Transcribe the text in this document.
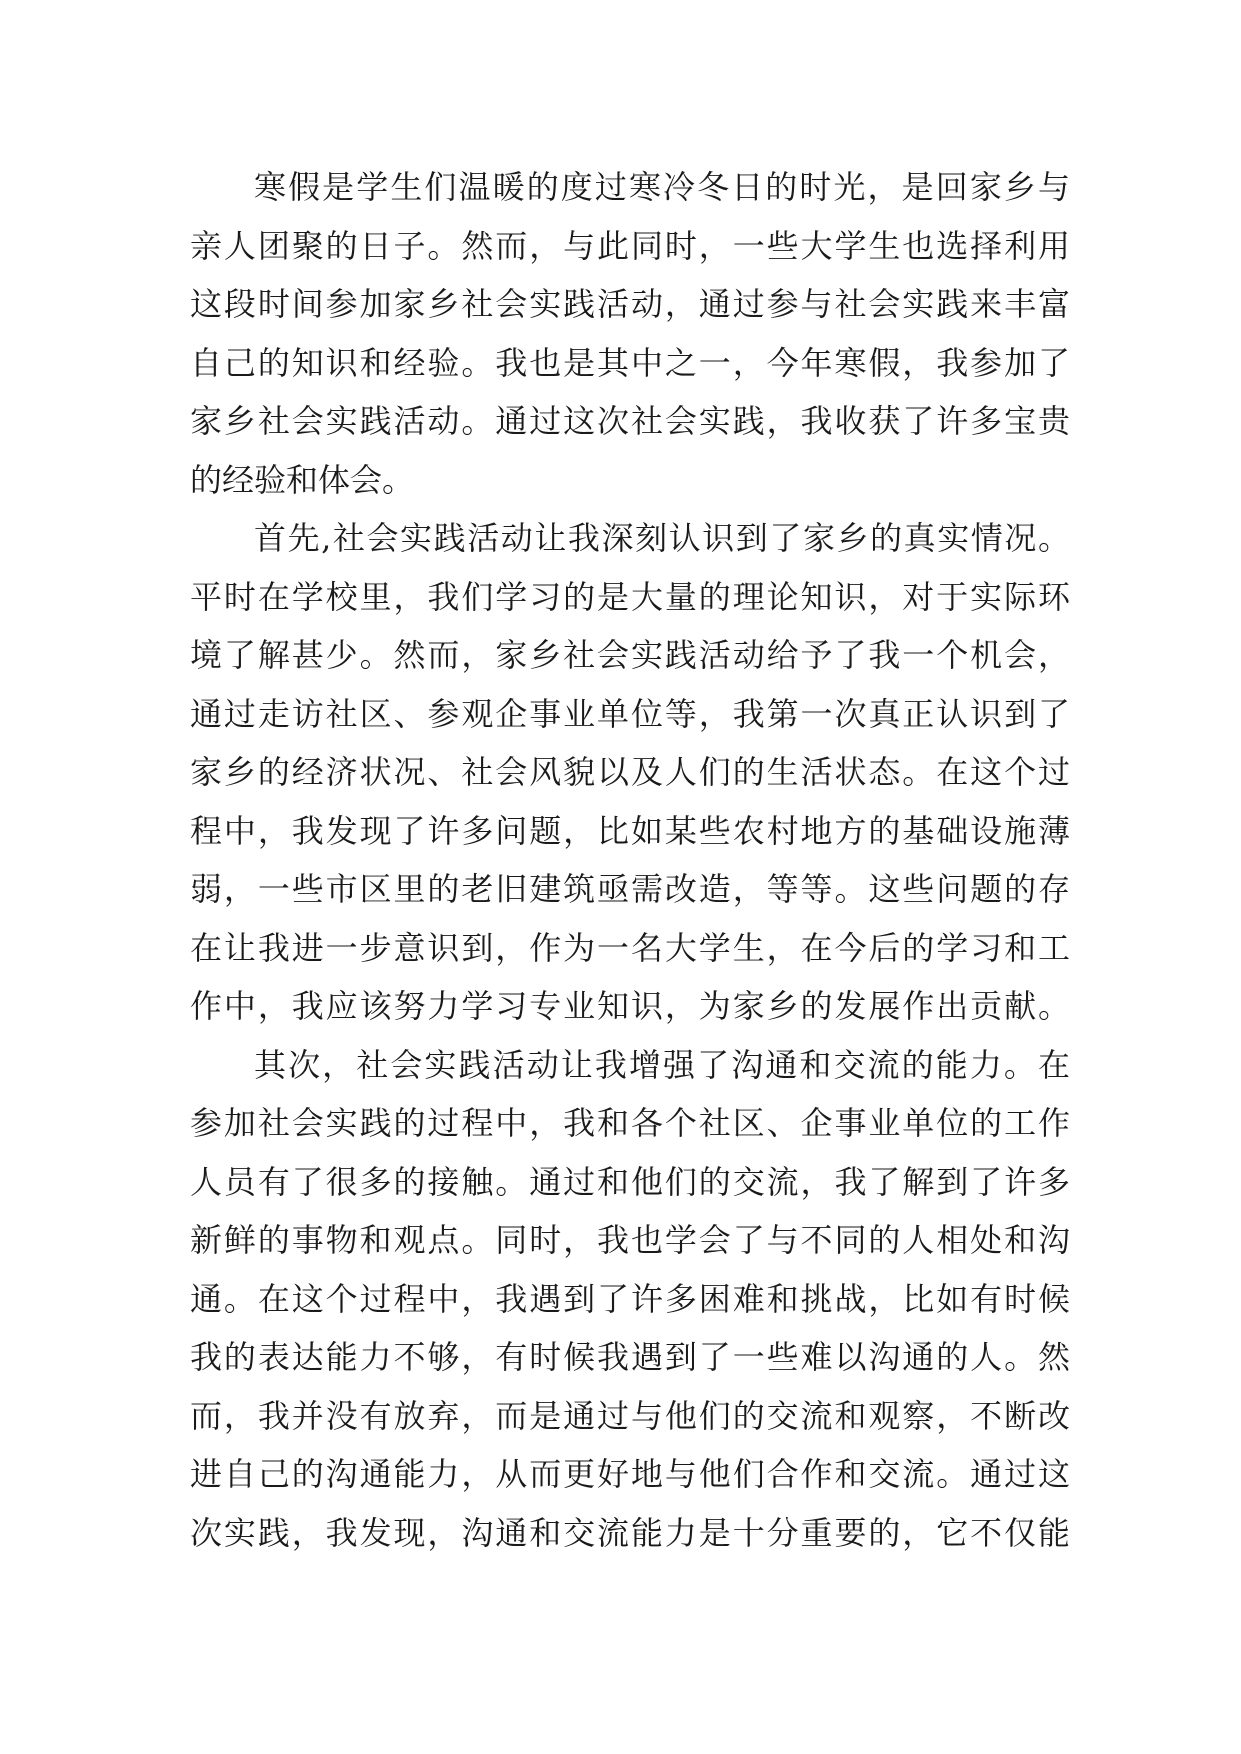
寒假是学生们温暖的度过寒冷冬日的时光，是回家乡与
亲人团聚的日子。然而，与此同时，一些大学生也选择利用
这段时间参加家乡社会实践活动，通过参与社会实践来丰富
自己的知识和经验。我也是其中之一，今年寒假，我参加了
家乡社会实践活动。通过这次社会实践，我收获了许多宝贵
的经验和体会。
首先,社会实践活动让我深刻认识到了家乡的真实情况。
平时在学校里，我们学习的是大量的理论知识，对于实际环
境了解甚少。然而，家乡社会实践活动给予了我一个机会，
通过走访社区、参观企事业单位等，我第一次真正认识到了
家乡的经济状况、社会风貌以及人们的生活状态。在这个过
程中，我发现了许多问题，比如某些农村地方的基础设施薄
弱，一些市区里的老旧建筑亟需改造，等等。这些问题的存
在让我进一步意识到，作为一名大学生，在今后的学习和工
作中，我应该努力学习专业知识，为家乡的发展作出贡献。
其次，社会实践活动让我增强了沟通和交流的能力。在
参加社会实践的过程中，我和各个社区、企事业单位的工作
人员有了很多的接触。通过和他们的交流，我了解到了许多
新鲜的事物和观点。同时，我也学会了与不同的人相处和沟
通。在这个过程中，我遇到了许多困难和挑战，比如有时候
我的表达能力不够，有时候我遇到了一些难以沟通的人。然
而，我并没有放弃，而是通过与他们的交流和观察，不断改
进自己的沟通能力，从而更好地与他们合作和交流。通过这
次实践，我发现，沟通和交流能力是十分重要的，它不仅能
